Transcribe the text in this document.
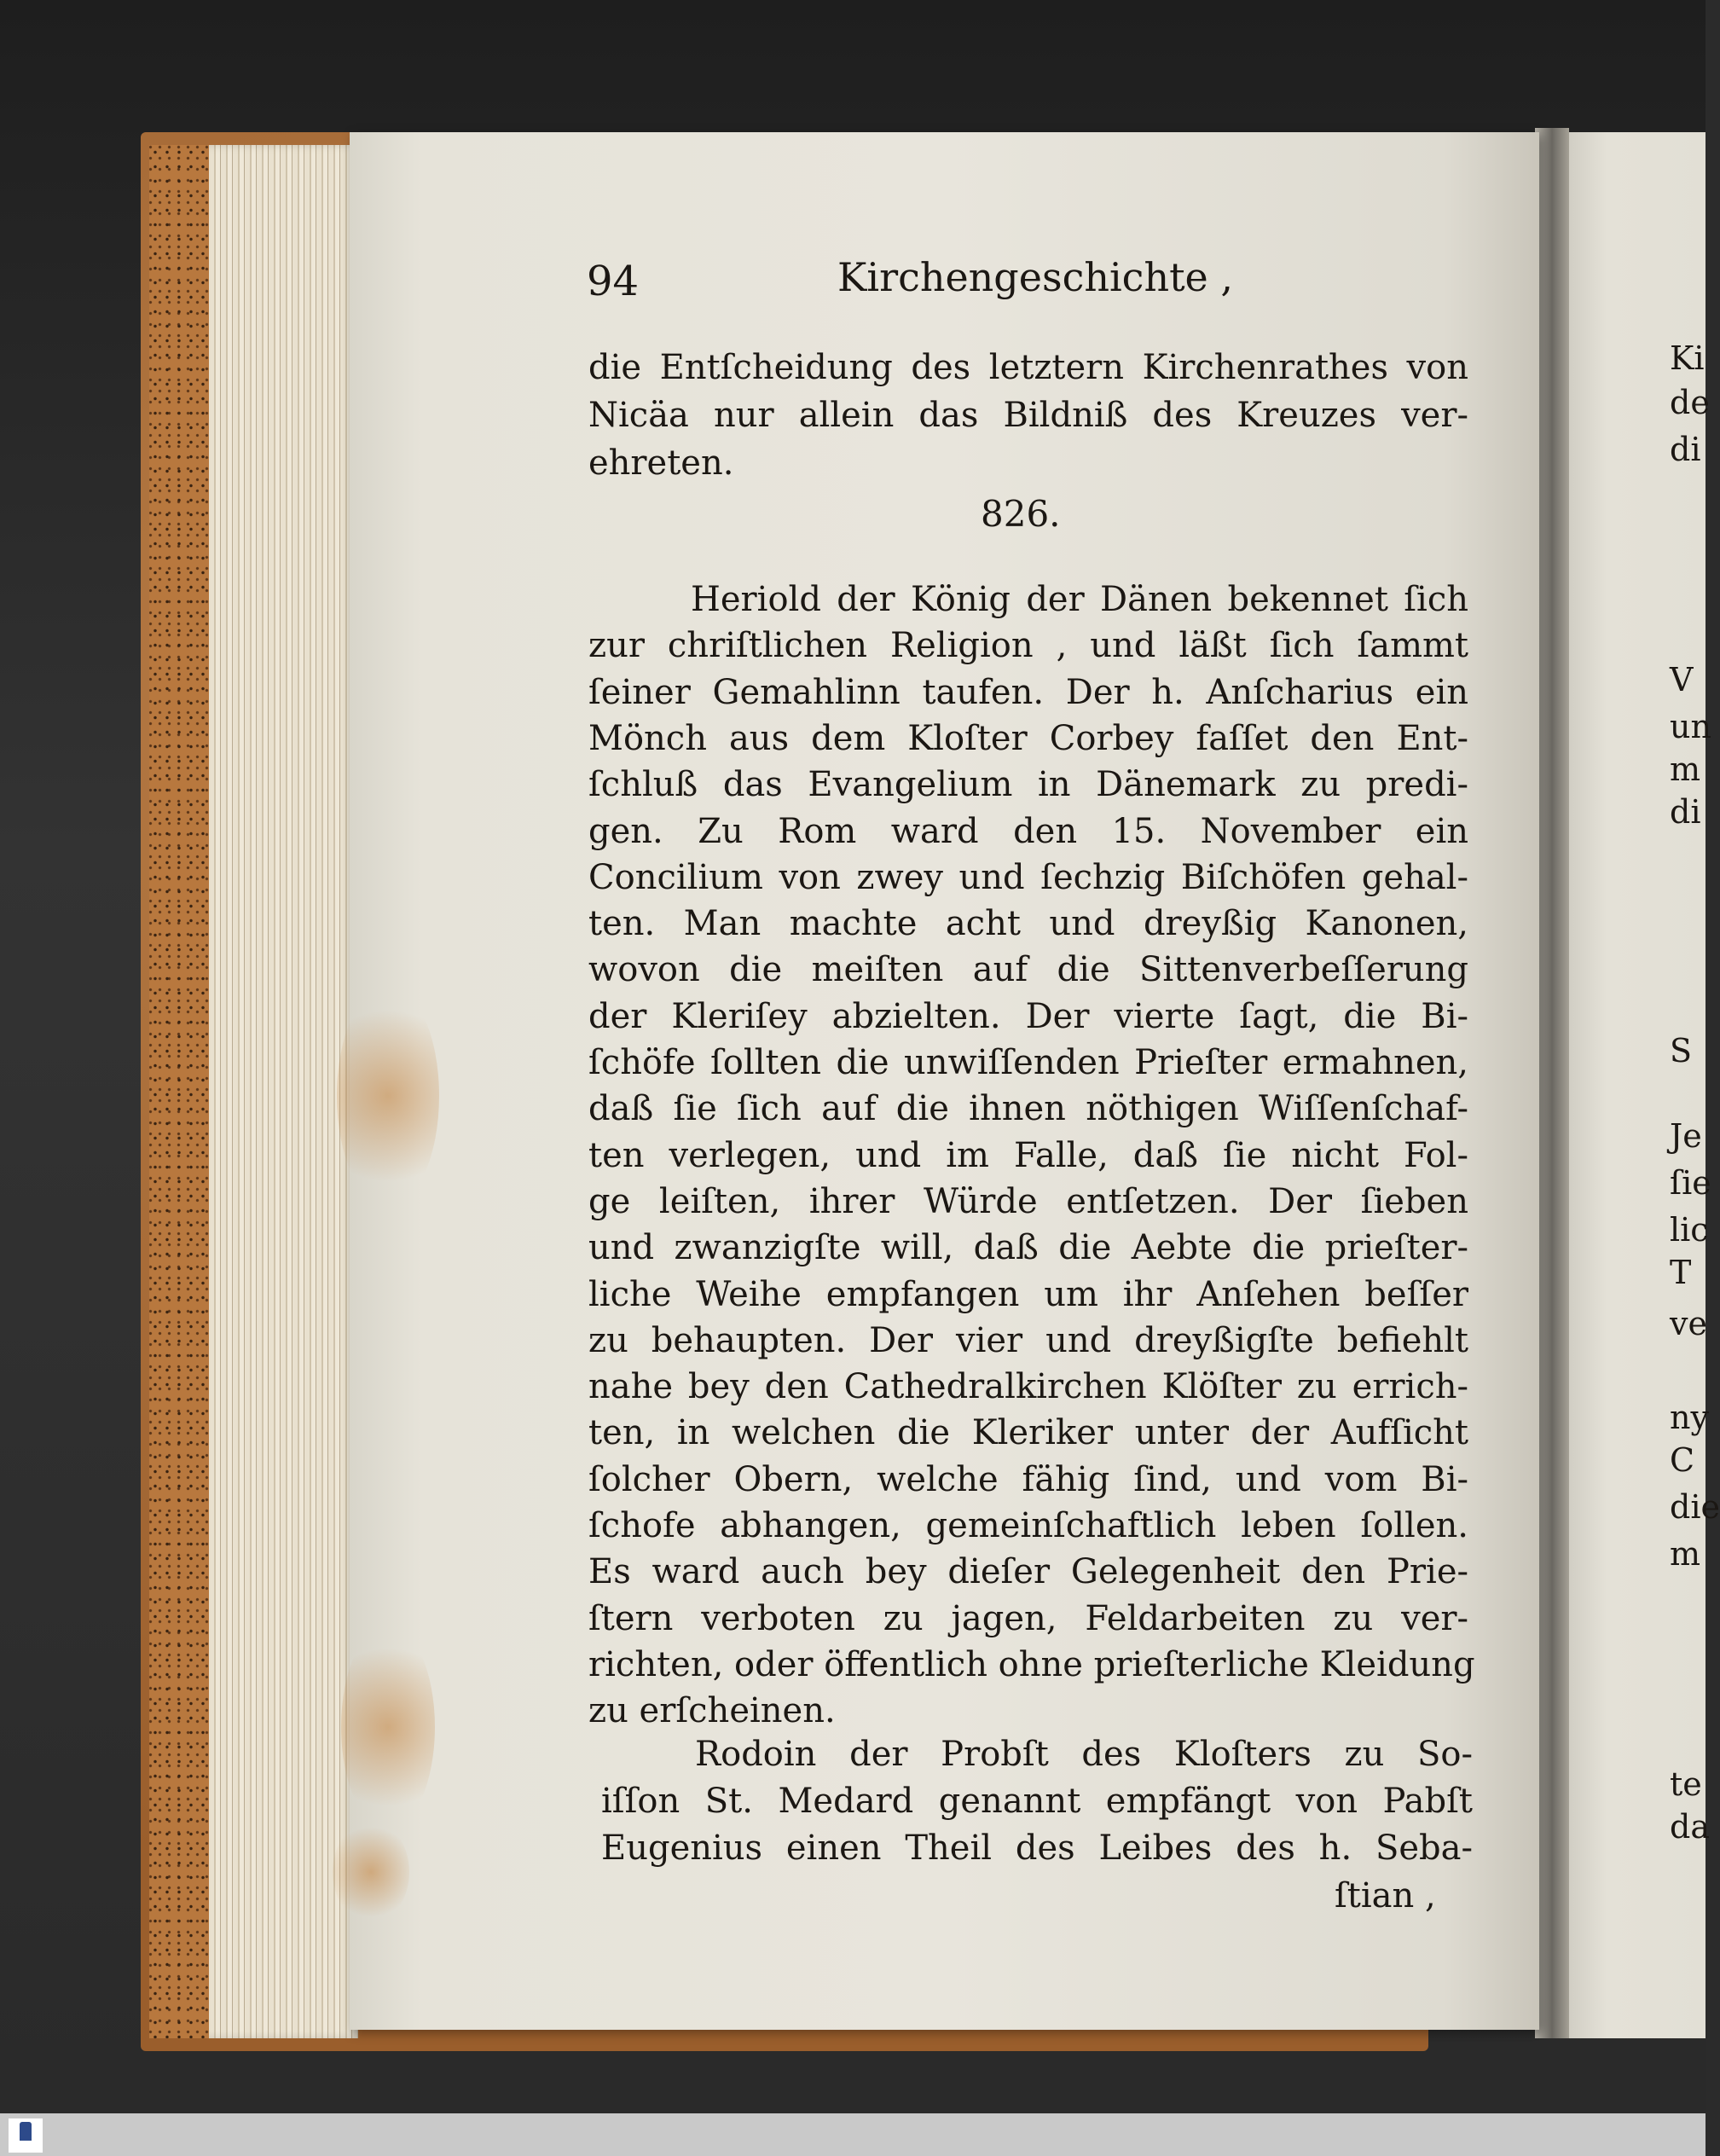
94	Kirchengeschichte ,
die Entſcheidung des letztern Kirchenrathes von
Nicäa nur allein das Bildniß des Kreuzes ver-
ehreten.
826.
Heriold der König der Dänen bekennet ſich
zur chriſtlichen Religion , und läßt ſich ſammt
ſeiner Gemahlinn taufen. Der h. Anſcharius ein
Mönch aus dem Kloſter Corbey faſſet den Ent-
ſchluß das Evangelium in Dänemark zu predi-
gen. Zu Rom ward den 15. November ein
Concilium von zwey und ſechzig Biſchöfen gehal-
ten. Man machte acht und dreyßig Kanonen,
wovon die meiſten auf die Sittenverbeſſerung
der Kleriſey abzielten. Der vierte ſagt, die Bi-
ſchöfe ſollten die unwiſſenden Prieſter ermahnen,
daß ſie ſich auf die ihnen nöthigen Wiſſenſchaf-
ten verlegen, und im Falle, daß ſie nicht Fol-
ge leiſten, ihrer Würde entſetzen. Der ſieben
und zwanzigſte will, daß die Aebte die prieſter-
liche Weihe empfangen um ihr Anſehen beſſer
zu behaupten. Der vier und dreyßigſte befiehlt
nahe bey den Cathedralkirchen Klöſter zu errich-
ten, in welchen die Kleriker unter der Aufſicht
ſolcher Obern, welche fähig ſind, und vom Bi-
ſchofe abhangen, gemeinſchaftlich leben ſollen.
Es ward auch bey dieſer Gelegenheit den Prie-
ſtern verboten zu jagen, Feldarbeiten zu ver-
richten, oder öffentlich ohne prieſterliche Kleidung
zu erſcheinen.
Rodoin der Probſt des Kloſters zu So-
iſſon St. Medard genannt empfängt von Pabſt
Eugenius einen Theil des Leibes des h. Seba-
ſtian ,
Ki
de
di
V
un
m
di
S
Je
ſie
lic
T
ve
ny
C
die
m
te
da
